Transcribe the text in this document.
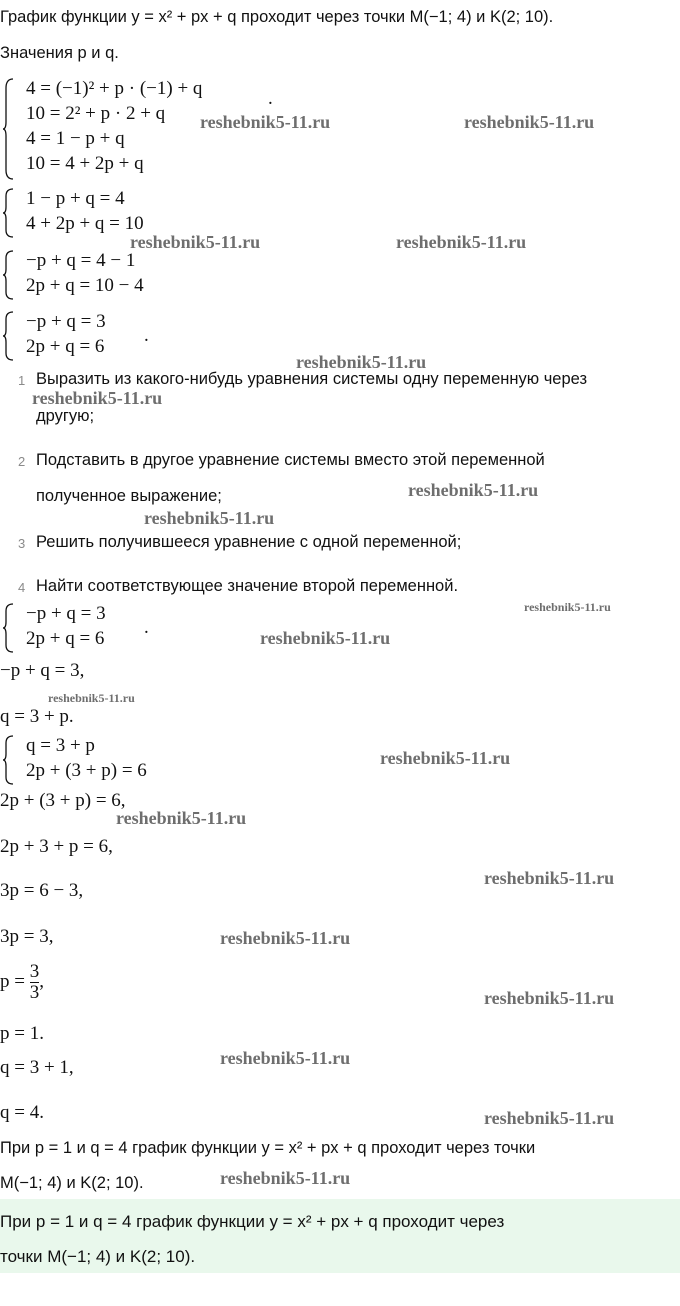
График функции y = x² + px + q проходит через точки M(−1; 4) и K(2; 10).
Значения p и q.
4 = (−1)² + p · (−1) + q
10 = 2² + p · 2 + q
.
4 = 1 − p + q
10 = 4 + 2p + q
1 − p + q = 4
4 + 2p + q = 10
−p + q = 4 − 1
2p + q = 10 − 4
−p + q = 3
2p + q = 6
.
1 Выразить из какого-нибудь уравнения системы одну переменную через
другую;
2 Подставить в другое уравнение системы вместо этой переменной
полученное выражение;
3 Решить получившееся уравнение с одной переменной;
4 Найти соответствующее значение второй переменной.
−p + q = 3
2p + q = 6
.
−p + q = 3,
q = 3 + p.
q = 3 + p
2p + (3 + p) = 6
2p + (3 + p) = 6,
2p + 3 + p = 6,
3p = 6 − 3,
3p = 3,
$p = \frac{3}{3}$ ,
p = 1.
q = 3 + 1,
q = 4.
При p = 1 и q = 4 график функции y = x² + px + q проходит через точки
M(−1; 4) и K(2; 10).
При p = 1 и q = 4 график функции y = x² + px + q проходит через
точки M(−1; 4) и K(2; 10).
reshebnik5-11.ru	reshebnik5-11.ru
reshebnik5-11.ru	reshebnik5-11.ru
reshebnik5-11.ru
reshebnik5-11.ru
reshebnik5-11.ru
reshebnik5-11.ru
reshebnik5-11.ru
reshebnik5-11.ru
reshebnik5-11.ru
reshebnik5-11.ru
reshebnik5-11.ru
reshebnik5-11.ru
reshebnik5-11.ru
reshebnik5-11.ru
reshebnik5-11.ru
reshebnik5-11.ru
reshebnik5-11.ru
